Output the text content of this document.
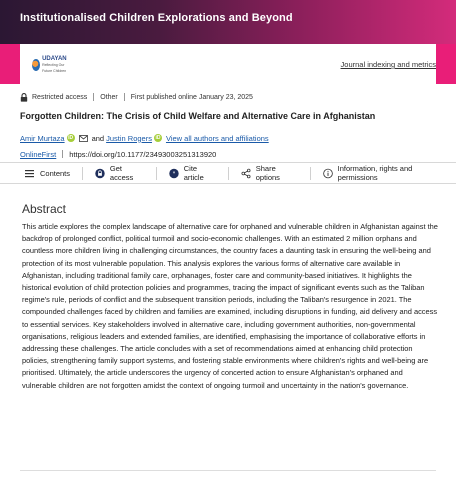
Institutionalised Children Explorations and Beyond
UDAYAN
Reflecting Our Future Children
Journal indexing and metrics
Restricted access Other First published online January 23, 2025
Forgotten Children: The Crisis of Child Welfare and Alternative Care in Afghanistan
Amir Murtaza iD and Justin Rogers iD View all authors and affiliations
OnlineFirst https://doi.org/10.1177/23493003251313920
Contents	Get access	"
Cite article
Share options
Information, rights and permissions
Abstract

This article explores the complex landscape of alternative care for orphaned and vulnerable children in Afghanistan against the backdrop of prolonged conflict, political turmoil and socio-economic challenges. With an estimated 2 million orphans and countless more children living in challenging circumstances, the country faces a daunting task in ensuring the well-being and protection of its most vulnerable population. This analysis explores the various forms of alternative care available in Afghanistan, including traditional family care, orphanages, foster care and community-based initiatives. It highlights the historical evolution of child protection policies and programmes, tracing the impact of significant events such as the Taliban regime's rule, periods of conflict and the subsequent transition periods, including the Taliban's resurgence in 2021. The compounded challenges faced by children and families are examined, including disruptions in funding, aid delivery and access to essential services. Key stakeholders involved in alternative care, including government authorities, non-governmental organisations, religious leaders and extended families, are identified, emphasising the importance of collaborative efforts in addressing these challenges. The article concludes with a set of recommendations aimed at enhancing child protection policies, strengthening family support systems, and fostering stable environments where children's rights and well-being are prioritised. Ultimately, the article underscores the urgency of concerted action to ensure Afghanistan's orphaned and vulnerable children are not forgotten amidst the context of ongoing turmoil and uncertainty in the nation's governance.
